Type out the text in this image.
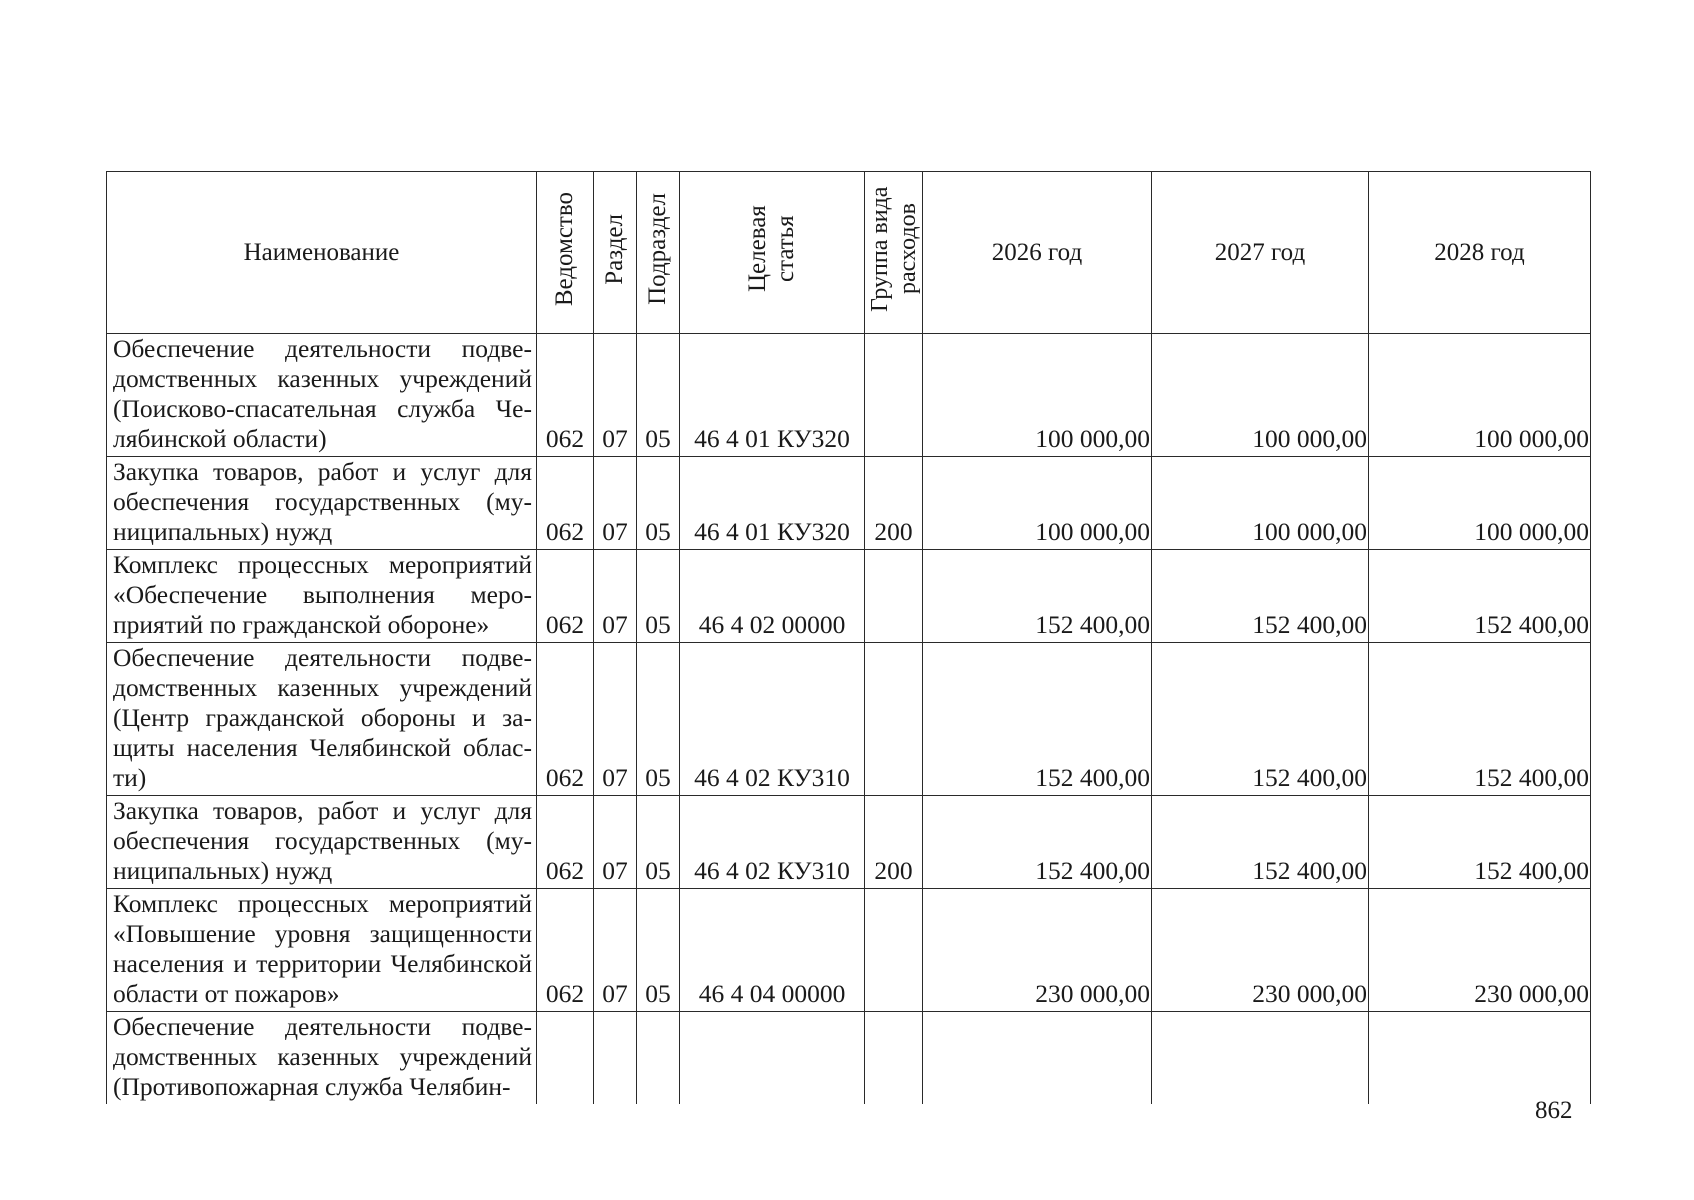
Наименование	Ведомство	Раздел	Подраздел	Целевая статья	Группа вида расходов	2026 год	2027 год	2028 год
Обеспечение деятельности подведомственных казенных учреждений (Поисково-спасательная служба Челябинской области)	062	07	05	46 4 01 КУ320		100 000,00	100 000,00	100 000,00
Закупка товаров, работ и услуг для обеспечения государственных (муниципальных) нужд	062	07	05	46 4 01 КУ320	200	100 000,00	100 000,00	100 000,00
Комплекс процессных мероприятий «Обеспечение выполнения мероприятий по гражданской обороне»	062	07	05	46 4 02 00000		152 400,00	152 400,00	152 400,00
Обеспечение деятельности подведомственных казенных учреждений (Центр гражданской обороны и защиты населения Челябинской области)	062	07	05	46 4 02 КУ310		152 400,00	152 400,00	152 400,00
Закупка товаров, работ и услуг для обеспечения государственных (муниципальных) нужд	062	07	05	46 4 02 КУ310	200	152 400,00	152 400,00	152 400,00
Комплекс процессных мероприятий «Повышение уровня защищенности населения и территории Челябинской области от пожаров»	062	07	05	46 4 04 00000		230 000,00	230 000,00	230 000,00
Обеспечение деятельности подведомственных казенных учреждений (Противопожарная служба Челябин-								
862
